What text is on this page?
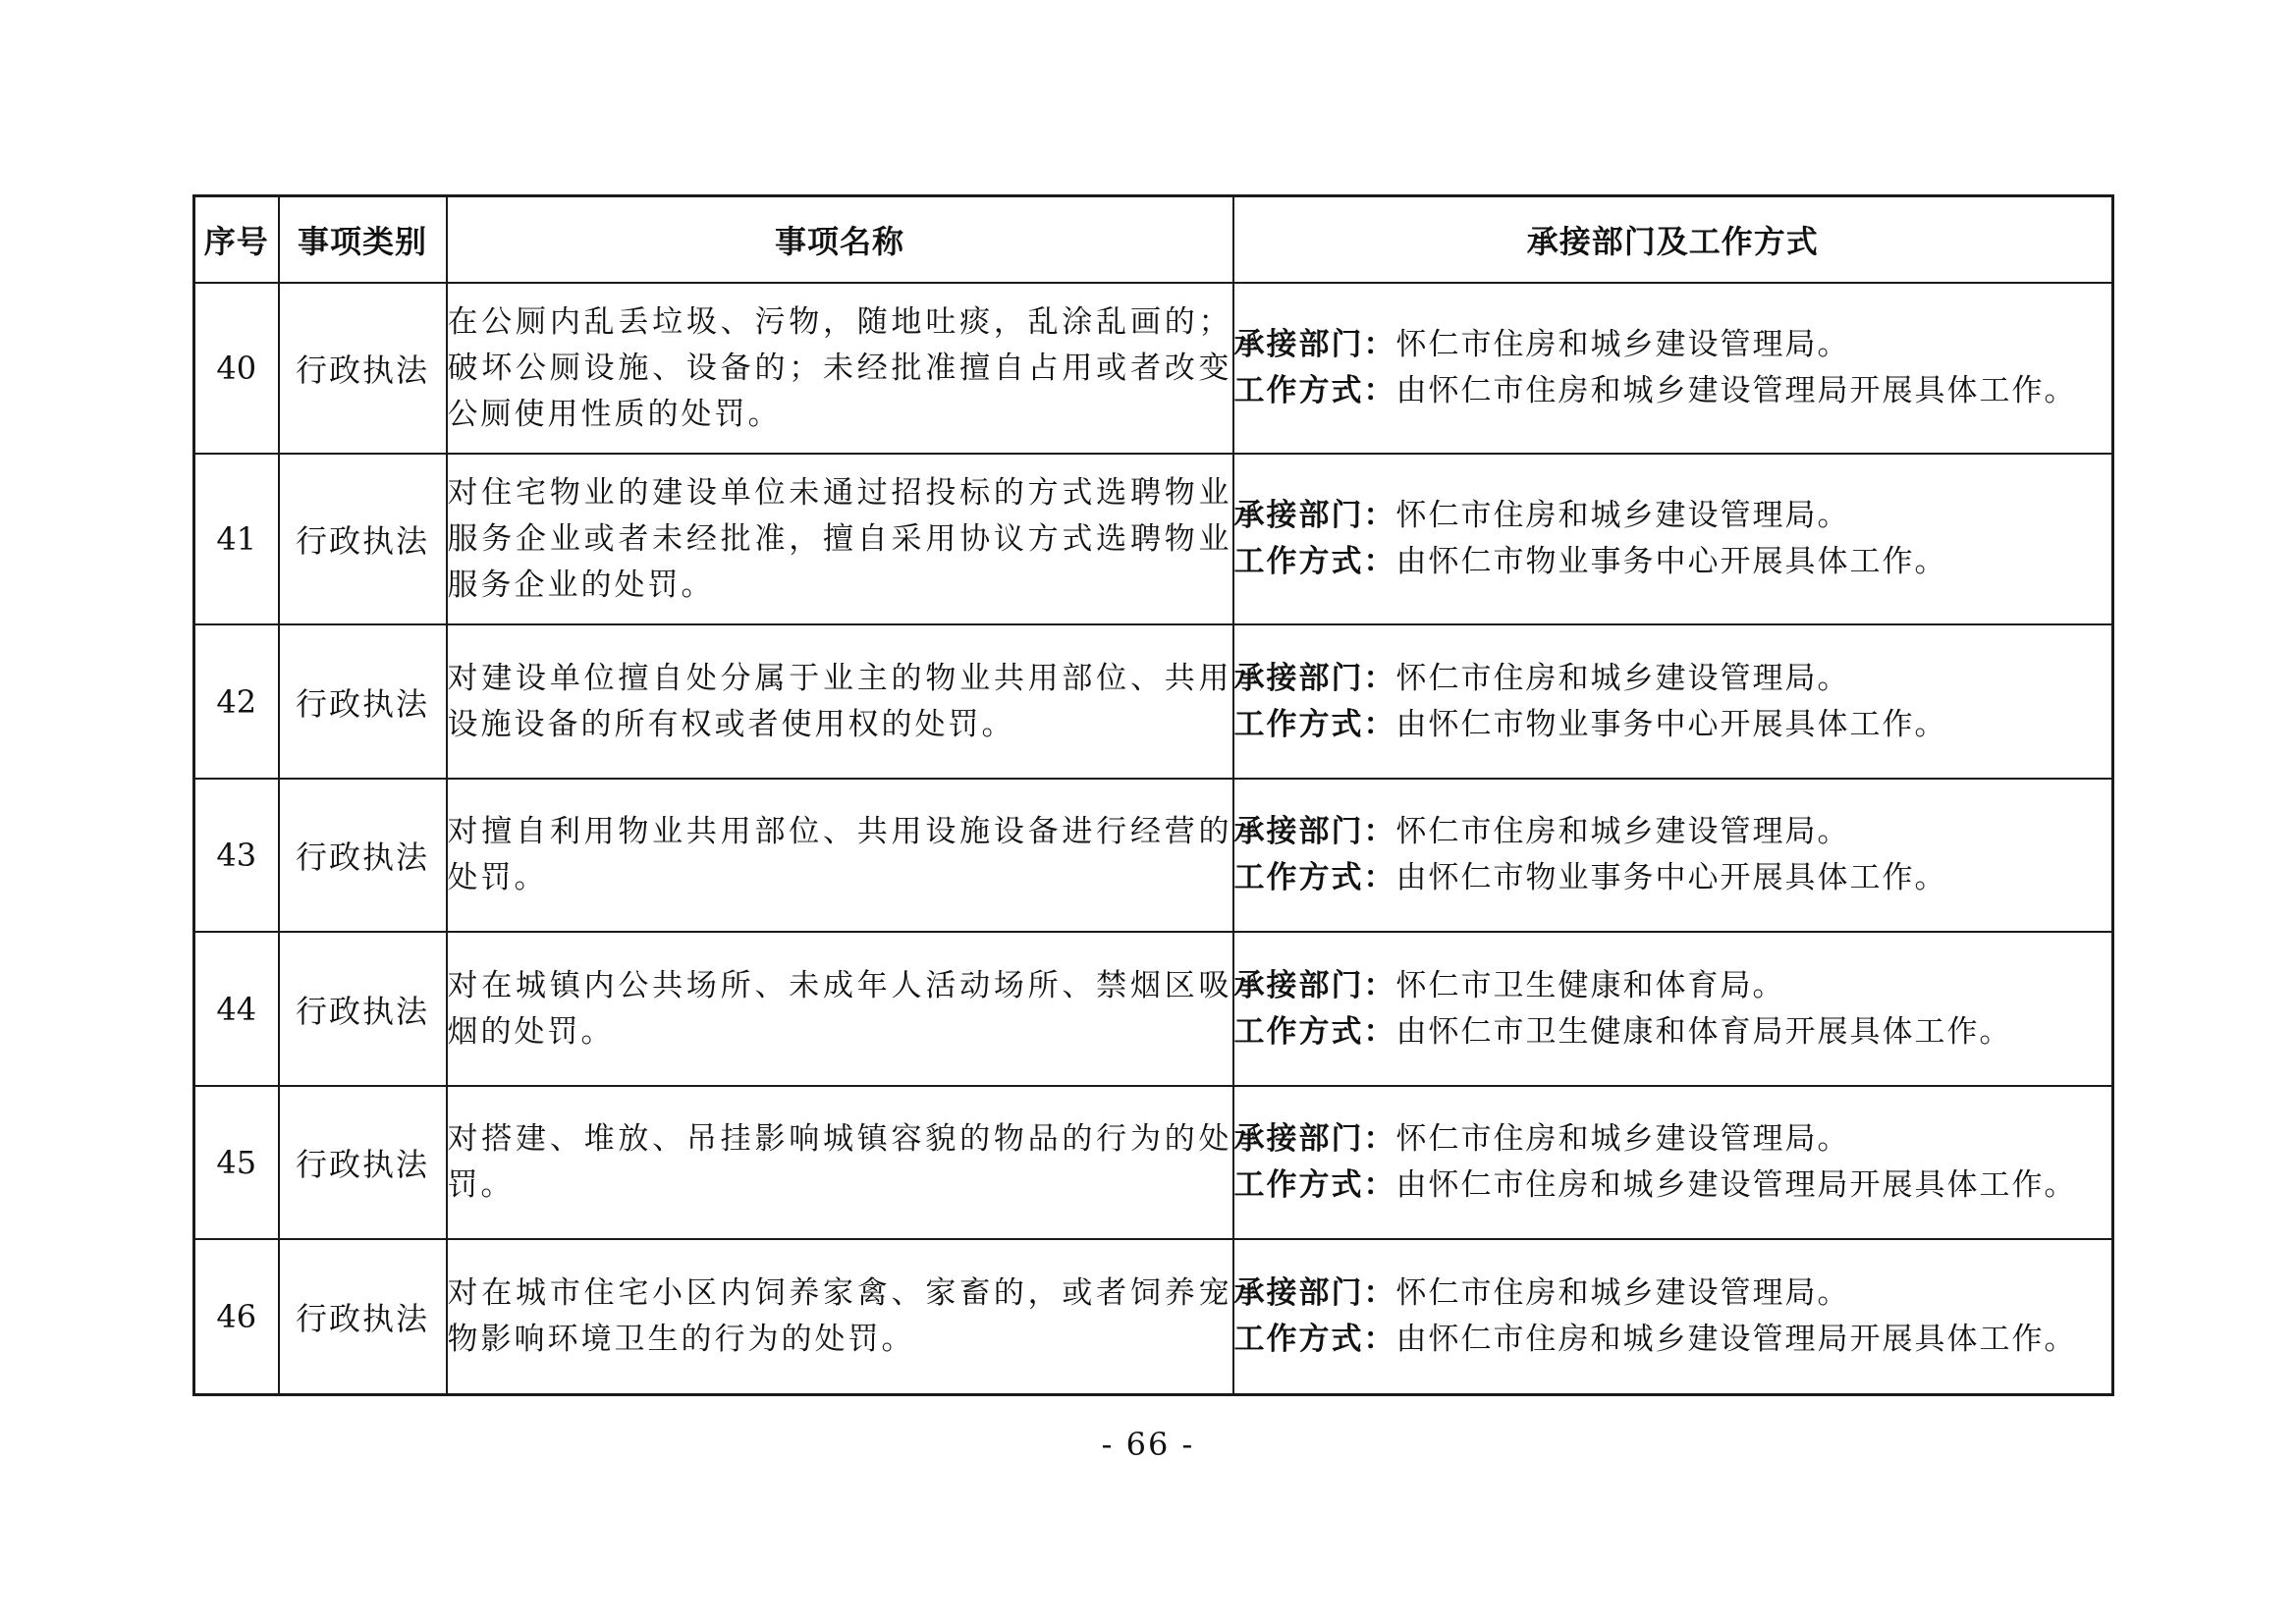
序号	事项类别	事项名称	承接部门及工作方式
40	行政执法	在公厕内乱丢垃圾、污物，随地吐痰，乱涂乱画的；破坏公厕设施、设备的；未经批准擅自占用或者改变公厕使用性质的处罚。	承接部门：怀仁市住房和城乡建设管理局。
工作方式：由怀仁市住房和城乡建设管理局开展具体工作。

41	行政执法	对住宅物业的建设单位未通过招投标的方式选聘物业服务企业或者未经批准，擅自采用协议方式选聘物业服务企业的处罚。	承接部门：怀仁市住房和城乡建设管理局。
工作方式：由怀仁市物业事务中心开展具体工作。

42	行政执法	对建设单位擅自处分属于业主的物业共用部位、共用设施设备的所有权或者使用权的处罚。	承接部门：怀仁市住房和城乡建设管理局。
工作方式：由怀仁市物业事务中心开展具体工作。

43	行政执法	对擅自利用物业共用部位、共用设施设备进行经营的处罚。	承接部门：怀仁市住房和城乡建设管理局。
工作方式：由怀仁市物业事务中心开展具体工作。

44	行政执法	对在城镇内公共场所、未成年人活动场所、禁烟区吸烟的处罚。	承接部门：怀仁市卫生健康和体育局。
工作方式：由怀仁市卫生健康和体育局开展具体工作。

45	行政执法	对搭建、堆放、吊挂影响城镇容貌的物品的行为的处罚。	承接部门：怀仁市住房和城乡建设管理局。
工作方式：由怀仁市住房和城乡建设管理局开展具体工作。

46	行政执法	对在城市住宅小区内饲养家禽、家畜的，或者饲养宠物影响环境卫生的行为的处罚。	承接部门：怀仁市住房和城乡建设管理局。
工作方式：由怀仁市住房和城乡建设管理局开展具体工作。
- 66 -
